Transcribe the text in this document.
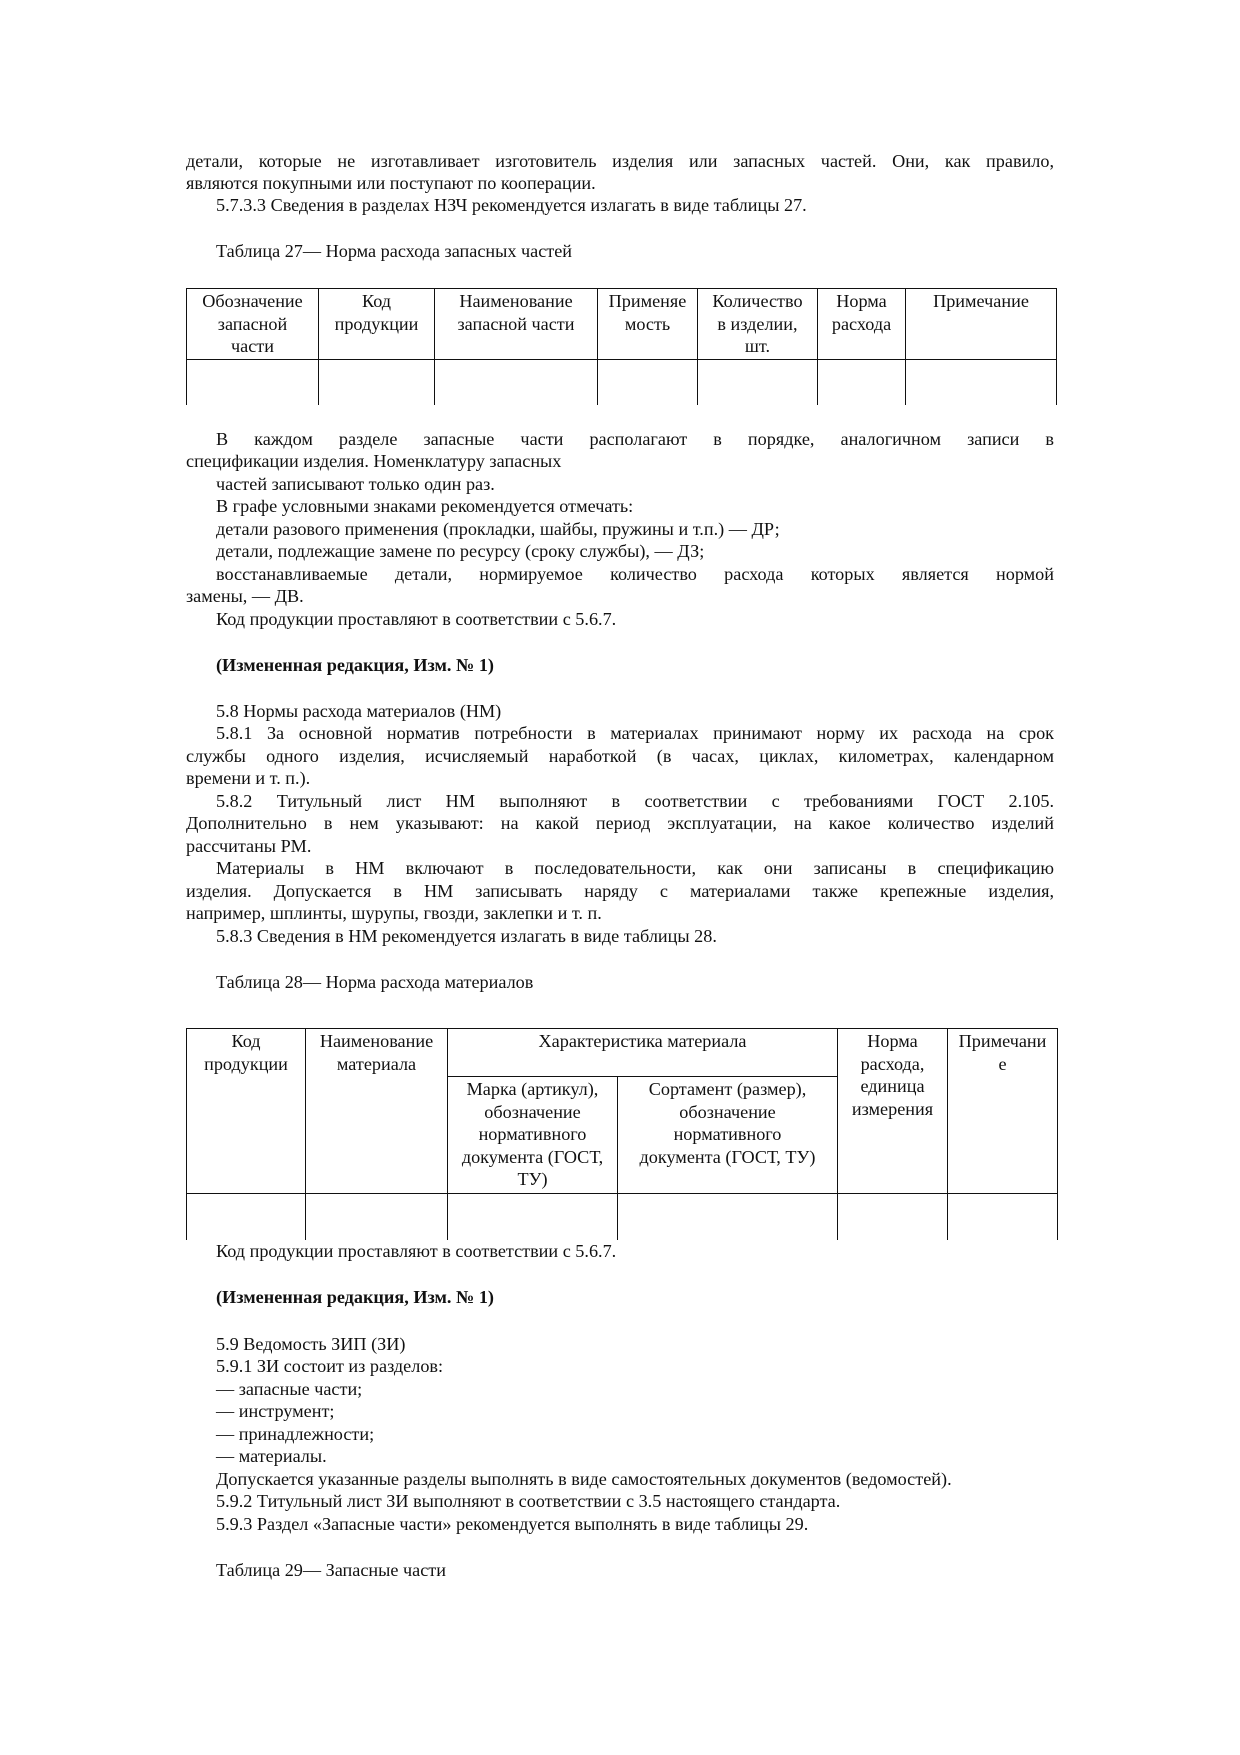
детали, которые не изготавливает изготовитель изделия или запасных частей. Они, как правило,
являются покупными или поступают по кооперации.
5.7.3.3 Сведения в разделах НЗЧ рекомендуется излагать в виде таблицы 27.
Таблица 27— Норма расхода запасных частей
Обозначение
запасной
части	Код
продукции	Наименование
запасной части	Применяе
мость	Количество
в изделии,
шт.	Норма
расхода	Примечание

В каждом разделе запасные части располагают в порядке, аналогичном записи в
спецификации изделия. Номенклатуру запасных
частей записывают только один раз.
В графе условными знаками рекомендуется отмечать:
детали разового применения (прокладки, шайбы, пружины и т.п.) — ДР;
детали, подлежащие замене по ресурсу (сроку службы), — ДЗ;
восстанавливаемые детали, нормируемое количество расхода которых является нормой
замены, — ДВ.
Код продукции проставляют в соответствии с 5.6.7.
(Измененная редакция, Изм. № 1)
5.8 Нормы расхода материалов (НМ)
5.8.1 За основной норматив потребности в материалах принимают норму их расхода на срок
службы одного изделия, исчисляемый наработкой (в часах, циклах, километрах, календарном
времени и т. п.).
5.8.2 Титульный лист НМ выполняют в соответствии с требованиями ГОСТ 2.105.
Дополнительно в нем указывают: на какой период эксплуатации, на какое количество изделий
рассчитаны РМ.
Материалы в НМ включают в последовательности, как они записаны в спецификацию
изделия. Допускается в НМ записывать наряду с материалами также крепежные изделия,
например, шплинты, шурупы, гвозди, заклепки и т. п.
5.8.3 Сведения в НМ рекомендуется излагать в виде таблицы 28.
Таблица 28— Норма расхода материалов
Код
продукции	Наименование
материала	Характеристика материала		Норма
расхода,
единица
измерения	Примечани
е
		Марка (артикул),
обозначение
нормативного
документа (ГОСТ,
ТУ)	Сортамент (размер),
обозначение
нормативного
документа (ГОСТ, ТУ)		

Код продукции проставляют в соответствии с 5.6.7.
(Измененная редакция, Изм. № 1)
5.9 Ведомость ЗИП (ЗИ)
5.9.1 ЗИ состоит из разделов:
— запасные части;
— инструмент;
— принадлежности;
— материалы.
Допускается указанные разделы выполнять в виде самостоятельных документов (ведомостей).
5.9.2 Титульный лист ЗИ выполняют в соответствии с 3.5 настоящего стандарта.
5.9.3 Раздел «Запасные части» рекомендуется выполнять в виде таблицы 29.
Таблица 29— Запасные части
